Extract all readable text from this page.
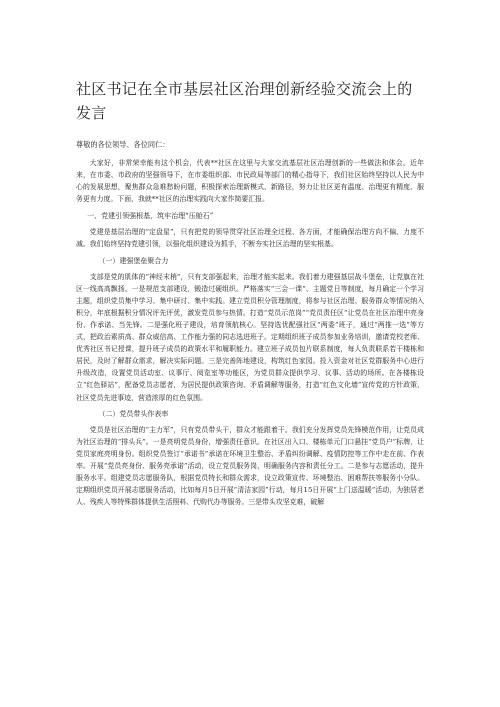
社区书记在全市基层社区治理创新经验交流会上的发言
尊敬的各位领导、各位同仁：

大家好，非常荣幸能有这个机会，代表**社区在这里与大家交流基层社区治理创新的一些做法和体会。近年来，在市委、市政府的坚强领导下，在市委组织部、市民政局等部门的精心指导下，我们社区始终坚持以人民为中心的发展思想，聚焦群众急难愁盼问题，积极探索治理新模式、新路径，努力让社区更有温度、治理更有精度、服务更有力度。下面，我就**社区的治理实践向大家作简要汇报。

一、党建引领强根基，筑牢治理“压舱石”

党建是基层治理的“定盘星”，只有把党的领导贯穿社区治理全过程、各方面，才能确保治理方向不偏、力度不减。我们始终坚持党建引领，以强化组织建设为抓手，不断夯实社区治理的坚实根基。

（一）建强堡垒聚合力

支部是党的肌体的“神经末梢”，只有支部强起来，治理才能实起来。我们着力建强基层战斗堡垒，让党旗在社区一线高高飘扬。一是规范支部建设，锻造过硬组织。严格落实“三会一课”、主题党日等制度，每月确定一个学习主题，组织党员集中学习、集中研讨、集中实践。建立党员积分管理制度，将参与社区治理、服务群众等情况纳入积分，年底根据积分情况评先评优，激发党员参与热情。打造“党员示范岗”“党员责任区”让党员在社区治理中亮身份、作承诺、当先锋。二是强化班子建设，培育领航核心。坚持选优配强社区“两委”班子，通过“两推一选”等方式，把政治素质高、群众威信高、工作能力强的同志选进班子。定期组织班子成员参加业务培训，邀请党校老师、优秀社区书记授课，提升班子成员的政策水平和履职能力。建立班子成员包片联系制度，每人负责联系若干楼栋和居民，及时了解群众需求，解决实际问题。三是完善阵地建设，构筑红色家园。投入资金对社区党群服务中心进行升级改造，设置党员活动室、议事厅、阅览室等功能区，为党员群众提供学习、议事、活动的场所。在各楼栋设立“红色驿站”，配备党员志愿者，为居民提供政策咨询、矛盾调解等服务，打造“红色文化墙”宣传党的方针政策、社区党员先进事迹，营造浓厚的红色氛围。

（二）党员带头作表率

党员是社区治理的“主力军”，只有党员带头干，群众才能跟着干。我们充分发挥党员先锋模范作用，让党员成为社区治理的“排头兵”。一是亮明党员身份，增强责任意识。在社区出入口、楼栋单元门口悬挂“党员户”标牌，让党员家庭亮明身份。组织党员签订“承诺书”承诺在环境卫生整治、矛盾纠纷调解、疫情防控等工作中走在前、作表率。开展“党员亮身份、服务亮承诺”活动，设立党员服务岗，明确服务内容和责任分工。二是参与志愿活动，提升服务水平。组建党员志愿服务队，根据党员特长和群众需求，设立政策宣传、环境整治、困难帮扶等服务小分队。定期组织党员开展志愿服务活动，比如每月5日开展“清洁家园”行动，每月15日开展“上门送温暖”活动，为独居老人、残疾人等特殊群体提供生活照料、代购代办等服务。三是带头攻坚克难，破解
